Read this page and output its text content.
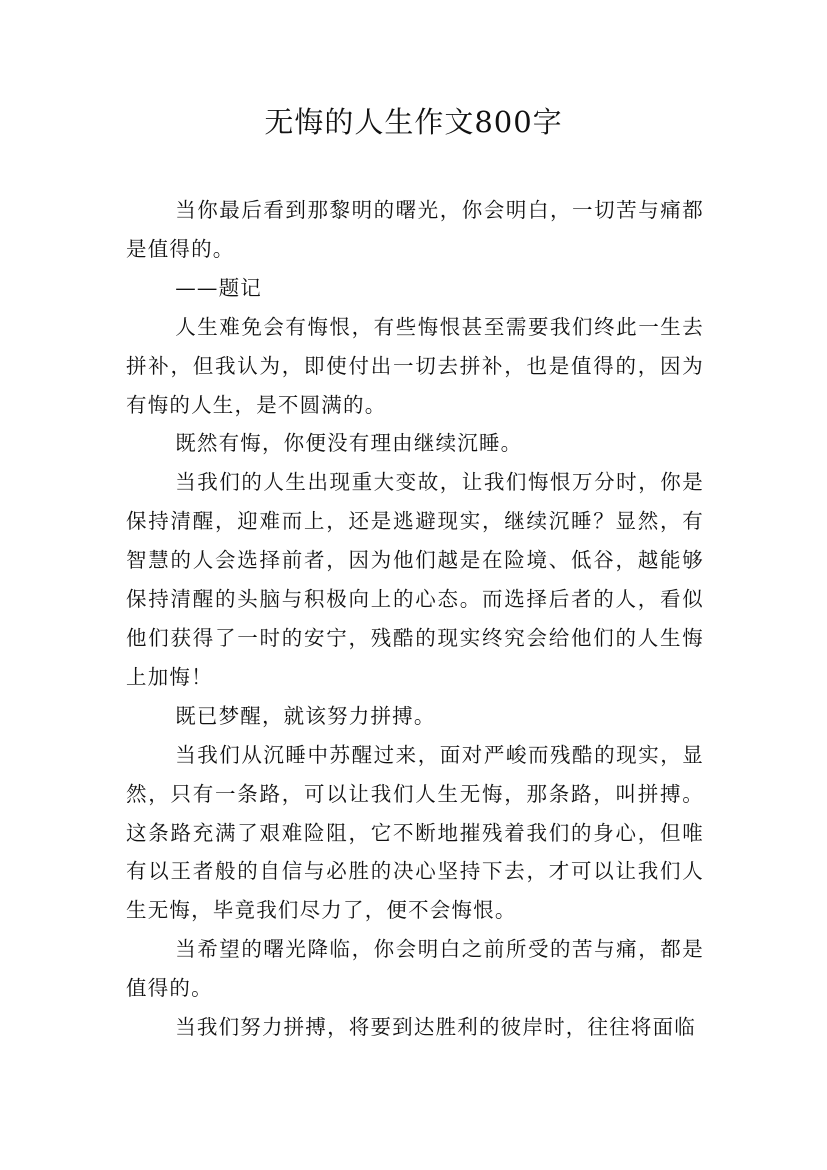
无悔的人生作文800字

当你最后看到那黎明的曙光，你会明白，一切苦与痛都是值得的。

——题记

人生难免会有悔恨，有些悔恨甚至需要我们终此一生去拼补，但我认为，即使付出一切去拼补，也是值得的，因为有悔的人生，是不圆满的。

既然有悔，你便没有理由继续沉睡。

当我们的人生出现重大变故，让我们悔恨万分时，你是保持清醒，迎难而上，还是逃避现实，继续沉睡？显然，有智慧的人会选择前者，因为他们越是在险境、低谷，越能够保持清醒的头脑与积极向上的心态。而选择后者的人，看似他们获得了一时的安宁，残酷的现实终究会给他们的人生悔上加悔！

既已梦醒，就该努力拼搏。

当我们从沉睡中苏醒过来，面对严峻而残酷的现实，显然，只有一条路，可以让我们人生无悔，那条路，叫拼搏。这条路充满了艰难险阻，它不断地摧残着我们的身心，但唯有以王者般的自信与必胜的决心坚持下去，才可以让我们人生无悔，毕竟我们尽力了，便不会悔恨。

当希望的曙光降临，你会明白之前所受的苦与痛，都是值得的。

当我们努力拼搏，将要到达胜利的彼岸时，往往将面临
